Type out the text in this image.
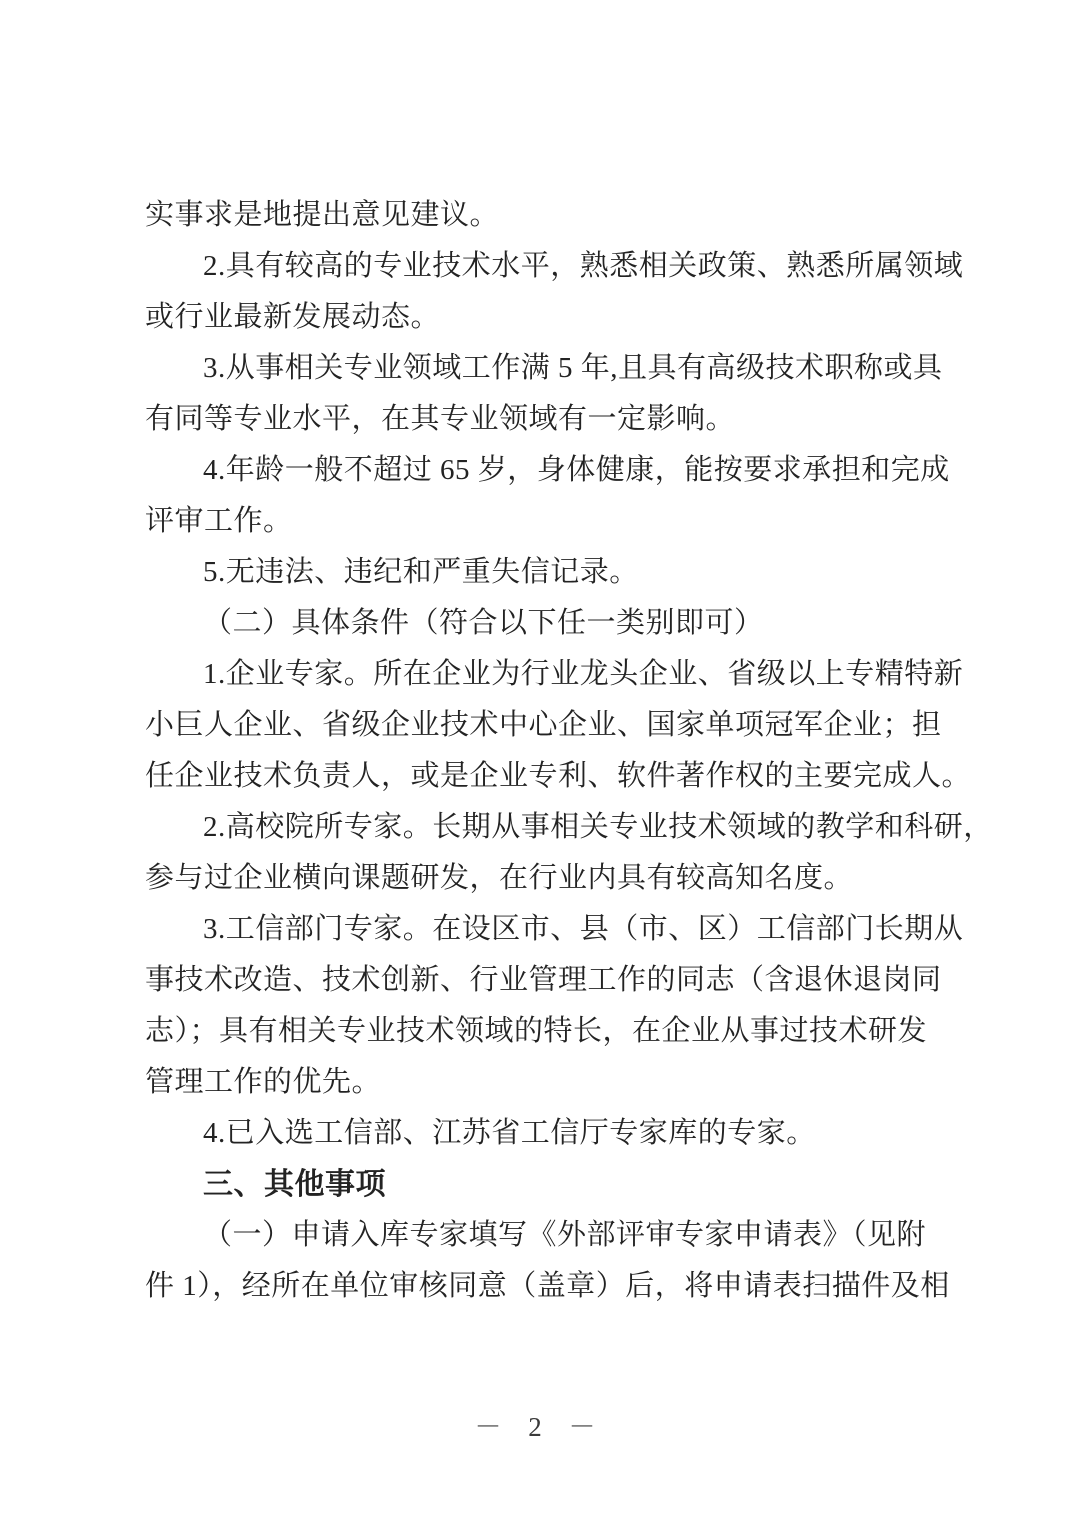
实事求是地提出意见建议。
2.具有较高的专业技术水平，熟悉相关政策、熟悉所属领域
或行业最新发展动态。
3.从事相关专业领域工作满 5 年,且具有高级技术职称或具
有同等专业水平，在其专业领域有一定影响。
4.年龄一般不超过 65 岁，身体健康，能按要求承担和完成
评审工作。
5.无违法、违纪和严重失信记录。
（二）具体条件（符合以下任一类别即可）
1.企业专家。所在企业为行业龙头企业、省级以上专精特新
小巨人企业、省级企业技术中心企业、国家单项冠军企业；担
任企业技术负责人，或是企业专利、软件著作权的主要完成人。
2.高校院所专家。长期从事相关专业技术领域的教学和科研，
参与过企业横向课题研发，在行业内具有较高知名度。
3.工信部门专家。在设区市、县（市、区）工信部门长期从
事技术改造、技术创新、行业管理工作的同志（含退休退岗同
志）；具有相关专业技术领域的特长，在企业从事过技术研发
管理工作的优先。
4.已入选工信部、江苏省工信厅专家库的专家。
三、其他事项
（一）申请入库专家填写《外部评审专家申请表》（见附
件 1），经所在单位审核同意（盖章）后，将申请表扫描件及相
－ 2 －
